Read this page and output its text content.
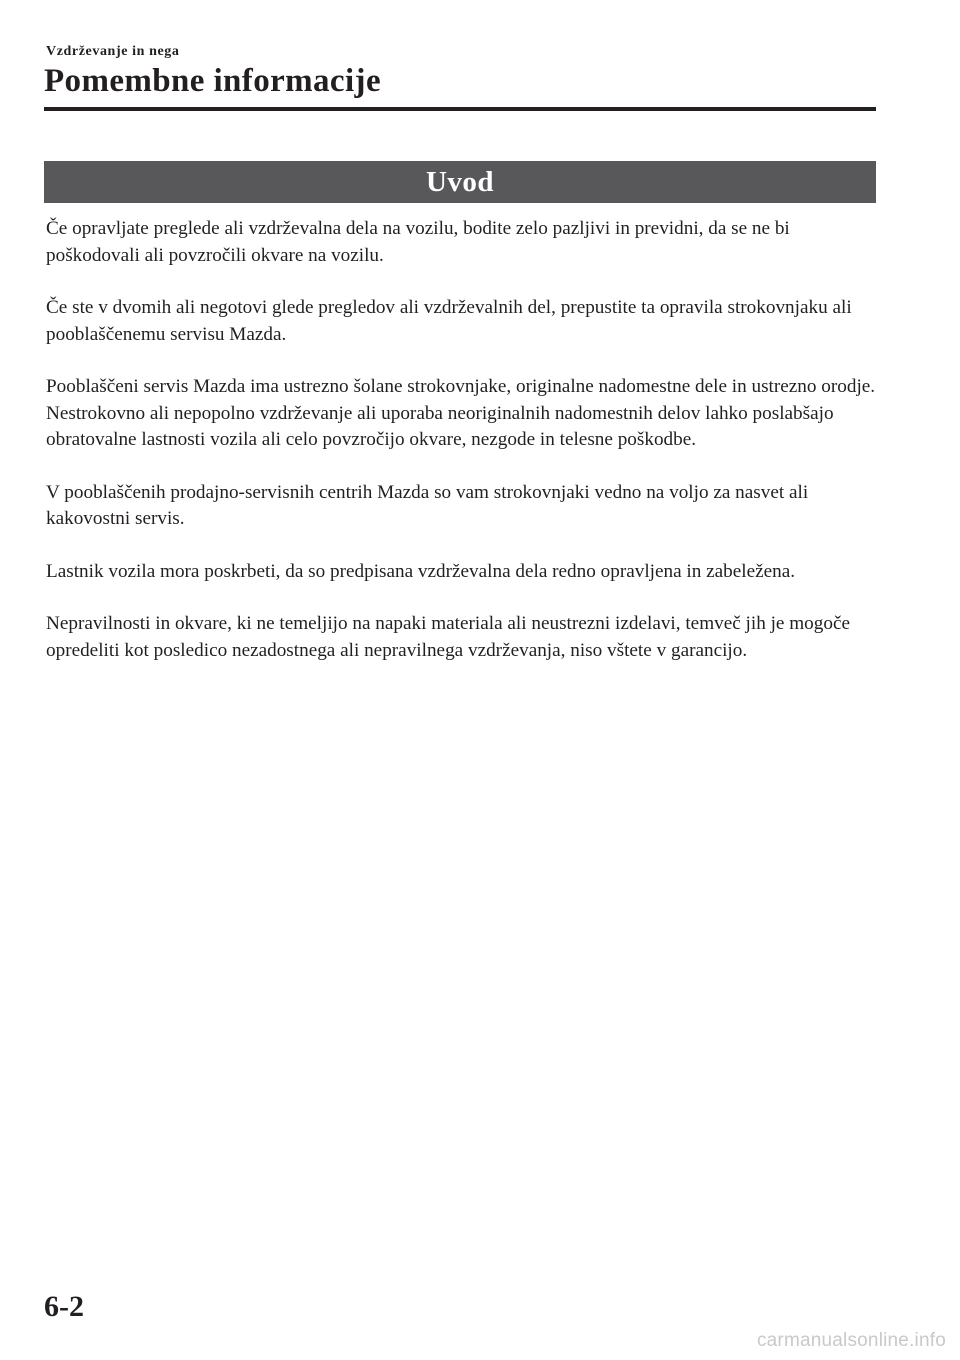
Vzdrževanje in nega
Pomembne informacije
Uvod

Če opravljate preglede ali vzdrževalna dela na vozilu, bodite zelo pazljivi in previdni, da se ne bi poškodovali ali povzročili okvare na vozilu.

Če ste v dvomih ali negotovi glede pregledov ali vzdrževalnih del, prepustite ta opravila strokovnjaku ali pooblaščenemu servisu Mazda.

Pooblaščeni servis Mazda ima ustrezno šolane strokovnjake, originalne nadomestne dele in ustrezno orodje. Nestrokovno ali nepopolno vzdrževanje ali uporaba neoriginalnih nadomestnih delov lahko poslabšajo obratovalne lastnosti vozila ali celo povzročijo okvare, nezgode in telesne poškodbe.

V pooblaščenih prodajno-servisnih centrih Mazda so vam strokovnjaki vedno na voljo za nasvet ali kakovostni servis.

Lastnik vozila mora poskrbeti, da so predpisana vzdrževalna dela redno opravljena in zabeležena.

Nepravilnosti in okvare, ki ne temeljijo na napaki materiala ali neustrezni izdelavi, temveč jih je mogoče opredeliti kot posledico nezadostnega ali nepravilnega vzdrževanja, niso vštete v garancijo.

6-2
carmanualsonline.info
